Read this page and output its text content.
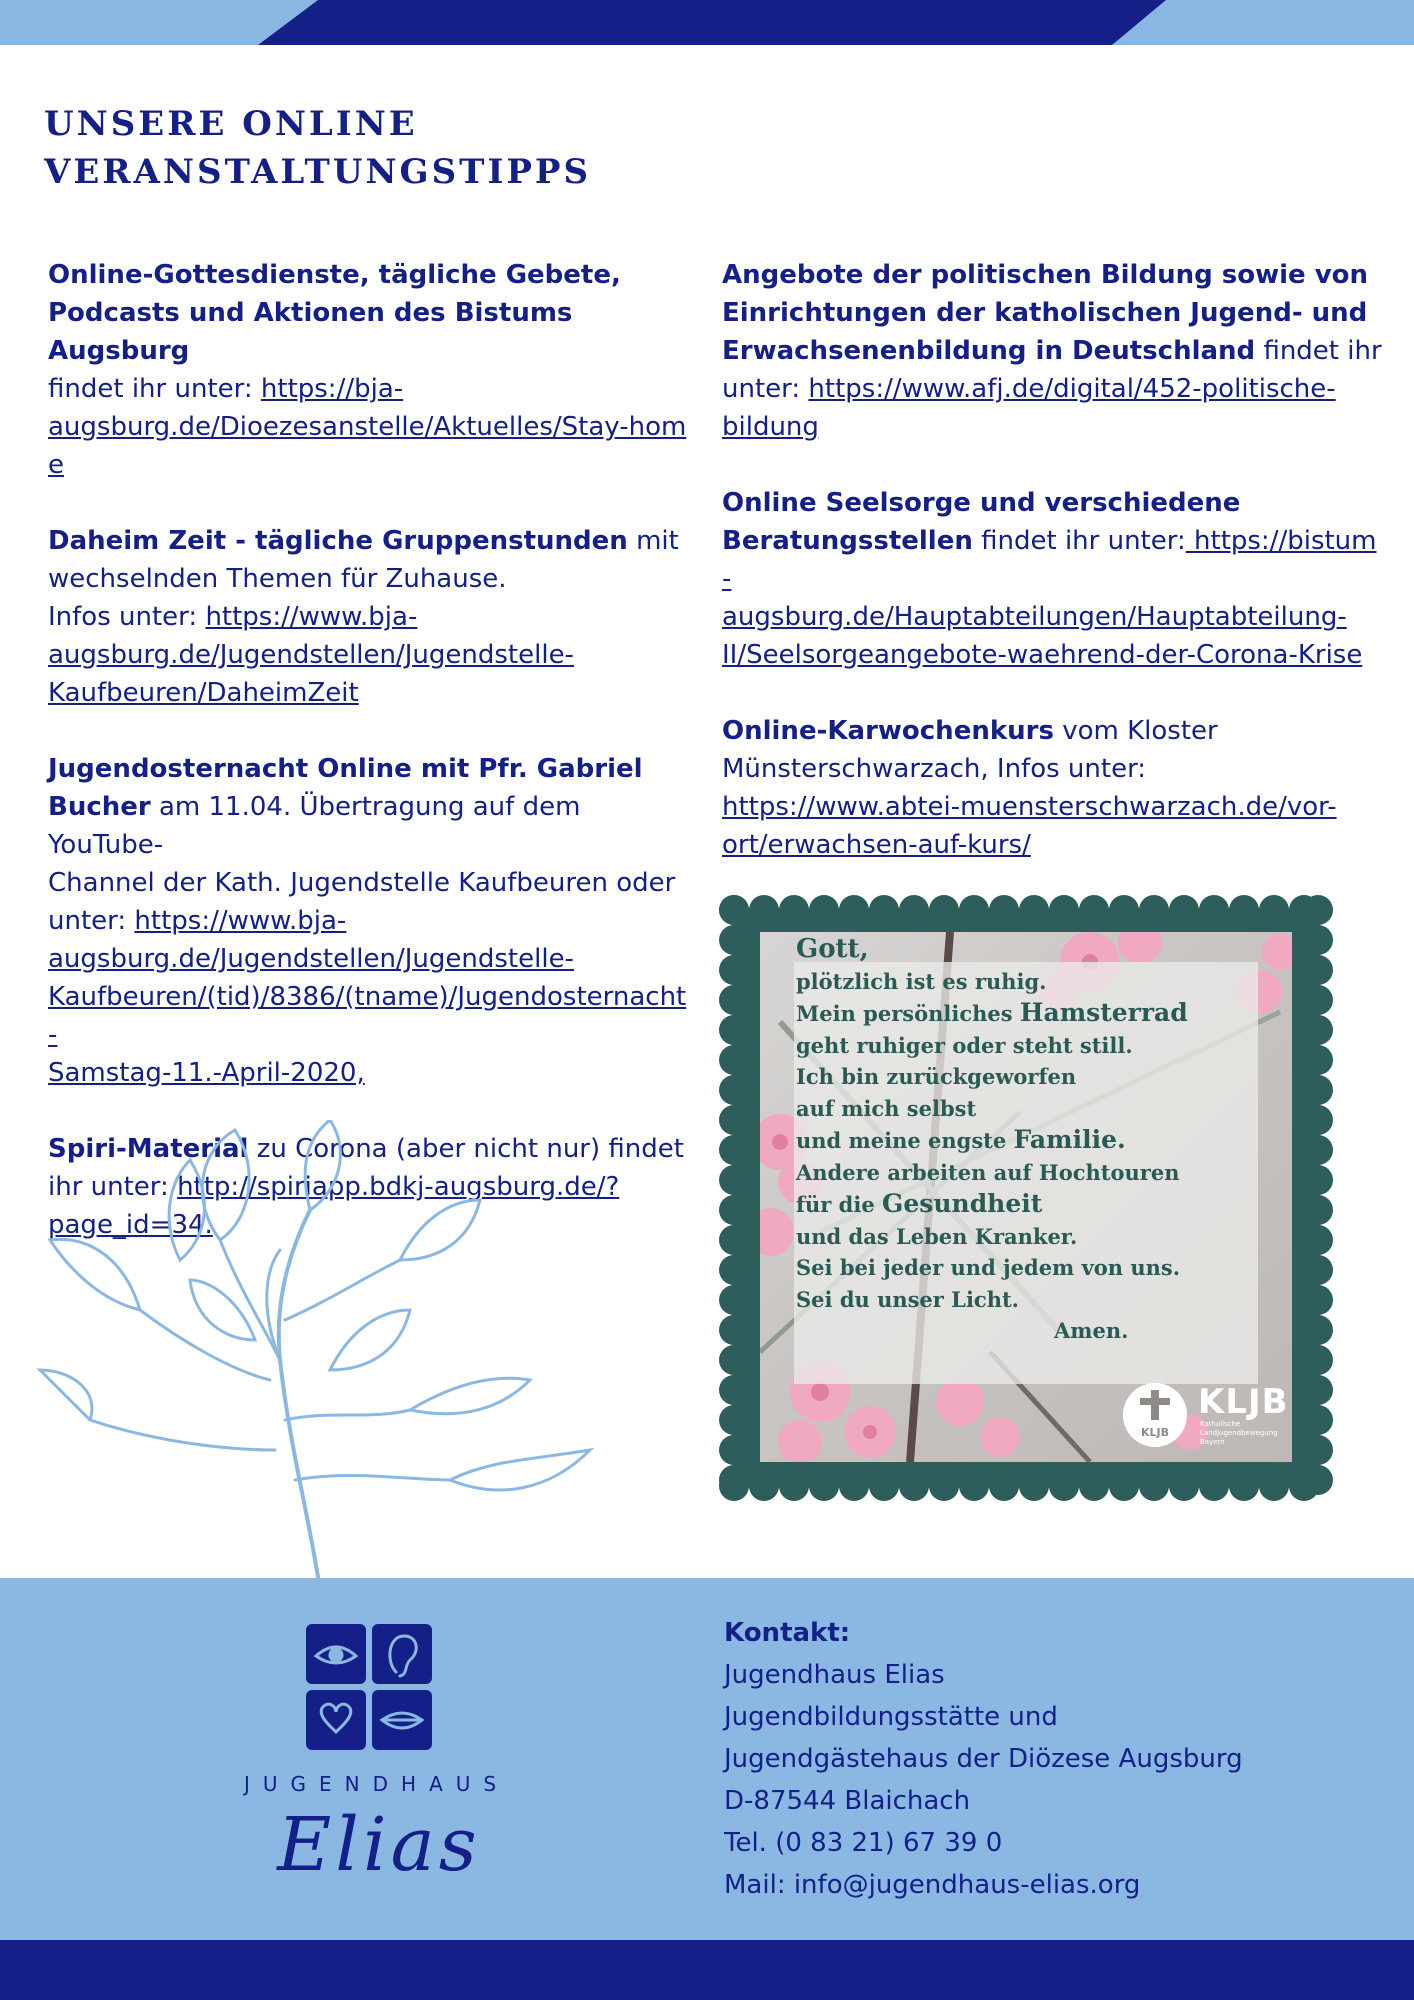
UNSERE ONLINE
VERANSTALTUNGSTIPPS
Online-Gottesdienste, tägliche Gebete,
Podcasts und Aktionen des Bistums Augsburg
findet ihr unter: https://bja-
augsburg.de/Dioezesanstelle/Aktuelles/Stay-home
Daheim Zeit - tägliche Gruppenstunden mit
wechselnden Themen für Zuhause.
Infos unter: https://www.bja-
augsburg.de/Jugendstellen/Jugendstelle-
Kaufbeuren/DaheimZeit
Jugendosternacht Online mit Pfr. Gabriel
Bucher am 11.04. Übertragung auf dem YouTube-
Channel der Kath. Jugendstelle Kaufbeuren oder
unter: https://www.bja-
augsburg.de/Jugendstellen/Jugendstelle-
Kaufbeuren/(tid)/8386/(tname)/Jugendosternacht-
Samstag-11.-April-2020,
Spiri-Material zu Corona (aber nicht nur) findet
ihr unter: http://spiriapp.bdkj-augsburg.de/?
page_id=34.
Angebote der politischen Bildung sowie von
Einrichtungen der katholischen Jugend- und
Erwachsenenbildung in Deutschland findet ihr
unter: https://www.afj.de/digital/452-politische-
bildung
Online Seelsorge und verschiedene
Beratungsstellen findet ihr unter: https://bistum-
augsburg.de/Hauptabteilungen/Hauptabteilung-
II/Seelsorgeangebote-waehrend-der-Corona-Krise
Online-Karwochenkurs vom Kloster
Münsterschwarzach, Infos unter:
https://www.abtei-muensterschwarzach.de/vor-
ort/erwachsen-auf-kurs/
KLJB
KLJB
Katholische Landjugendbewegung Bayern
Gott,
plötzlich ist es ruhig.
Mein persönliches Hamsterrad
geht ruhiger oder steht still.
Ich bin zurückgeworfen
auf mich selbst
und meine engste Familie.
Andere arbeiten auf Hochtouren
für die Gesundheit
und das Leben Kranker.
Sei bei jeder und jedem von uns.
Sei du unser Licht.
Amen.
JUGENDHAUS
Elias
Kontakt:
Jugendhaus Elias
Jugendbildungsstätte und
Jugendgästehaus der Diözese Augsburg
D-87544 Blaichach
Tel. (0 83 21) 67 39 0
Mail: info@jugendhaus-elias.org
